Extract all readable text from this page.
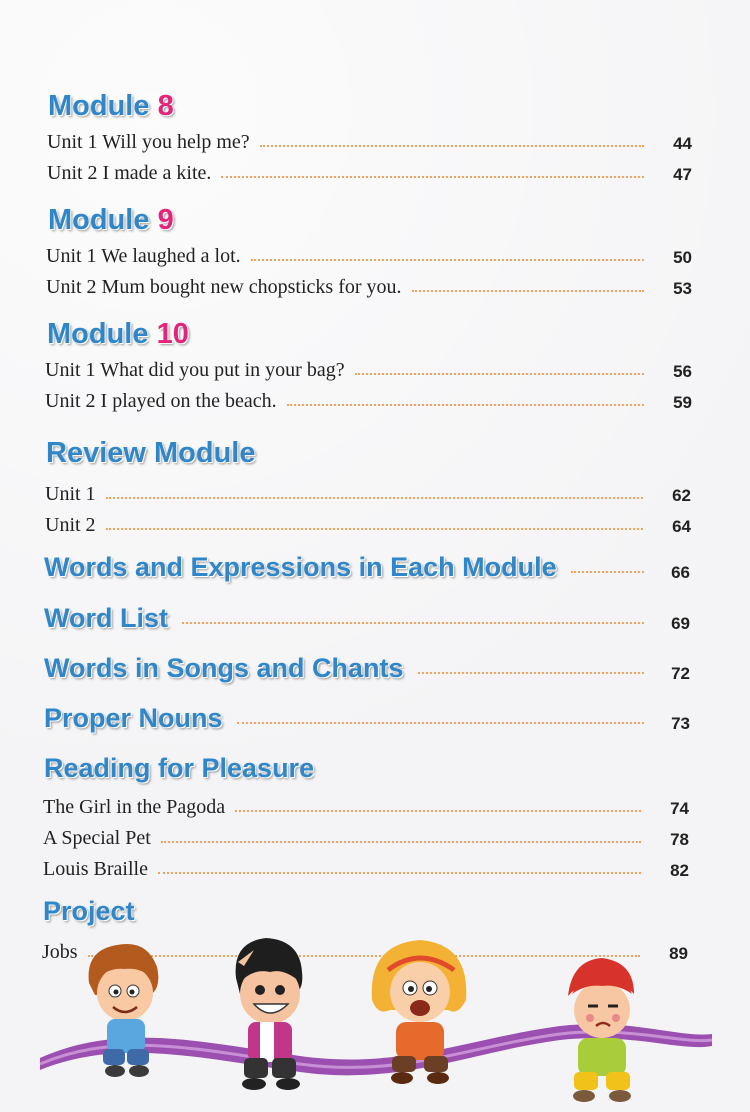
Module 8
Unit 1 Will you help me?	44
Unit 2 I made a kite.	47
Module 9
Unit 1 We laughed a lot.	50
Unit 2 Mum bought new chopsticks for you.	53
Module 10
Unit 1 What did you put in your bag?	56
Unit 2 I played on the beach.	59
Review Module
Unit 1	62
Unit 2	64
Words and Expressions in Each Module	66
Word List	69
Words in Songs and Chants	72
Proper Nouns	73
Reading for Pleasure
The Girl in the Pagoda	74
A Special Pet	78
Louis Braille	82
Project
Jobs	89
